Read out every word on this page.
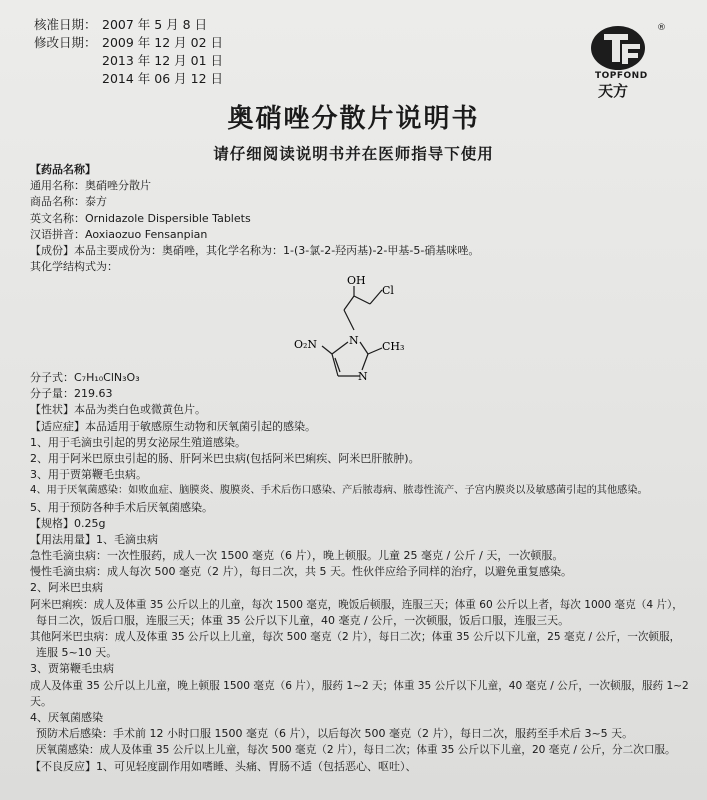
核准日期： 2007 年 5 月 8 日
修改日期： 2009 年 12 月 02 日
2013 年 12 月 01 日
2014 年 06 月 12 日
®
TOPFOND
天方
奥硝唑分散片说明书
请仔细阅读说明书并在医师指导下使用
【药品名称】
通用名称：奥硝唑分散片
商品名称：泰方
英文名称：Ornidazole Dispersible Tablets
汉语拼音：Aoxiaozuo Fensanpian
【成份】本品主要成份为：奥硝唑，其化学名称为：1-(3-氯-2-羟丙基)-2-甲基-5-硝基咪唑。
其化学结构式为：
OH
Cl
N
N
O₂N	CH₃
分子式：C₇H₁₀ClN₃O₃
分子量：219.63
【性状】本品为类白色或微黄色片。
【适应症】本品适用于敏感原生动物和厌氧菌引起的感染。
1、用于毛滴虫引起的男女泌尿生殖道感染。
2、用于阿米巴原虫引起的肠、肝阿米巴虫病(包括阿米巴痢疾、阿米巴肝脓肿)。
3、用于贾第鞭毛虫病。
4、用于厌氧菌感染：如败血症、脑膜炎、腹膜炎、手术后伤口感染、产后脓毒病、脓毒性流产、子宫内膜炎以及敏感菌引起的其他感染。
5、用于预防各种手术后厌氧菌感染。
【规格】0.25g
【用法用量】1、毛滴虫病
急性毛滴虫病：一次性服药，成人一次 1500 毫克（6 片），晚上顿服。儿童 25 毫克 / 公斤 / 天，一次顿服。
慢性毛滴虫病：成人每次 500 毫克（2 片），每日二次，共 5 天。性伙伴应给予同样的治疗，以避免重复感染。
2、阿米巴虫病
阿米巴痢疾：成人及体重 35 公斤以上的儿童，每次 1500 毫克，晚饭后顿服，连服三天；体重 60 公斤以上者，每次 1000 毫克（4 片），
每日二次，饭后口服，连服三天；体重 35 公斤以下儿童，40 毫克 / 公斤，一次顿服，饭后口服，连服三天。
其他阿米巴虫病：成人及体重 35 公斤以上儿童，每次 500 毫克（2 片），每日二次；体重 35 公斤以下儿童，25 毫克 / 公斤，一次顿服，
连服 5~10 天。
3、贾第鞭毛虫病
成人及体重 35 公斤以上儿童，晚上顿服 1500 毫克（6 片），服药 1~2 天；体重 35 公斤以下儿童，40 毫克 / 公斤，一次顿服，服药 1~2
天。
4、厌氧菌感染
预防术后感染：手术前 12 小时口服 1500 毫克（6 片），以后每次 500 毫克（2 片），每日二次，服药至手术后 3~5 天。
厌氧菌感染：成人及体重 35 公斤以上儿童，每次 500 毫克（2 片），每日二次；体重 35 公斤以下儿童，20 毫克 / 公斤，分二次口服。
【不良反应】1、可见轻度副作用如嗜睡、头痛、胃肠不适（包括恶心、呕吐）、
